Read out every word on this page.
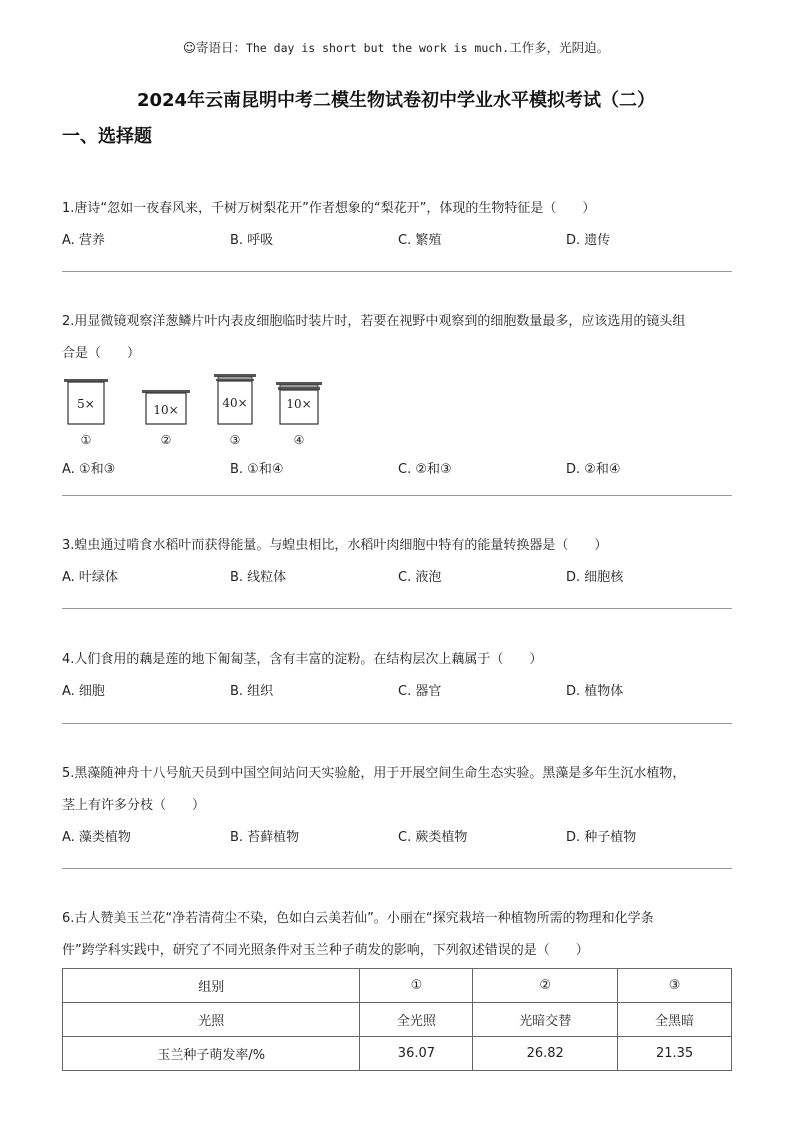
☺寄语日：The day is short but the work is much.工作多，光阴迫。
2024年云南昆明中考二模生物试卷初中学业水平模拟考试（二）
一、选择题
1.唐诗“忽如一夜春风来，千树万树梨花开”作者想象的“梨花开”，体现的生物特征是（　　）
A. 营养	B. 呼吸	C. 繁殖	D. 遗传
2.用显微镜观察洋葱鳞片叶内表皮细胞临时装片时，若要在视野中观察到的细胞数量最多，应该选用的镜头组
合是（　　）
5×
①
10×
②
40×
③
10×
④
A. ①和③	B. ①和④	C. ②和③	D. ②和④
3.蝗虫通过啃食水稻叶而获得能量。与蝗虫相比，水稻叶肉细胞中特有的能量转换器是（　　）
A. 叶绿体	B. 线粒体	C. 液泡	D. 细胞核
4.人们食用的藕是莲的地下匍匐茎，含有丰富的淀粉。在结构层次上藕属于（　　）
A. 细胞	B. 组织	C. 器官	D. 植物体
5.黑藻随神舟十八号航天员到中国空间站问天实验舱，用于开展空间生命生态实验。黑藻是多年生沉水植物，
茎上有许多分枝（　　）
A. 藻类植物	B. 苔藓植物	C. 蕨类植物	D. 种子植物
6.古人赞美玉兰花“净若清荷尘不染，色如白云美若仙”。小丽在“探究栽培一种植物所需的物理和化学条
件”跨学科实践中，研究了不同光照条件对玉兰种子萌发的影响，下列叙述错误的是（　　）
组别	①	②	③
光照	全光照	光暗交替	全黑暗
玉兰种子萌发率/%	36.07	26.82	21.35
